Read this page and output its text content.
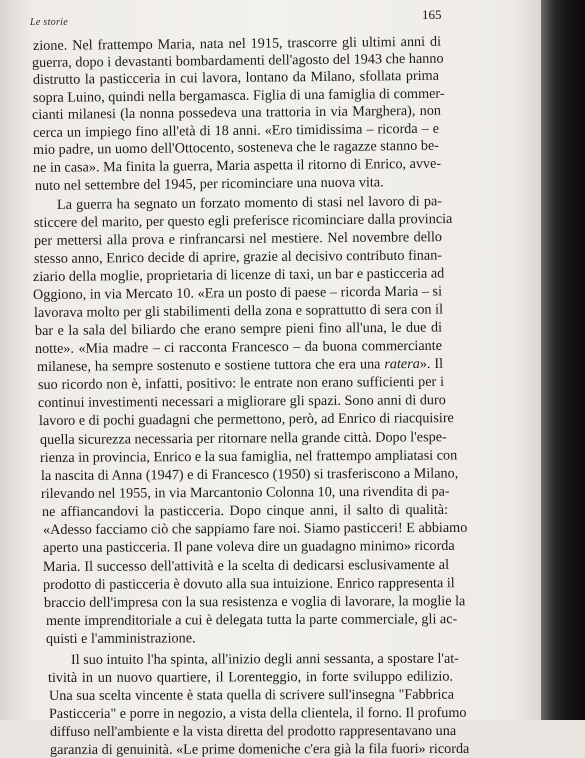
Le storie
165
zione. Nel frattempo Maria, nata nel 1915, trascorre gli ultimi anni di
guerra, dopo i devastanti bombardamenti dell'agosto del 1943 che hanno
distrutto la pasticceria in cui lavora, lontano da Milano, sfollata prima
sopra Luino, quindi nella bergamasca. Figlia di una famiglia di commer-
cianti milanesi (la nonna possedeva una trattoria in via Marghera), non
cerca un impiego fino all'età di 18 anni. «Ero timidissima – ricorda – e
mio padre, un uomo dell'Ottocento, sosteneva che le ragazze stanno be-
ne in casa». Ma finita la guerra, Maria aspetta il ritorno di Enrico, avve-
nuto nel settembre del 1945, per ricominciare una nuova vita.
La guerra ha segnato un forzato momento di stasi nel lavoro di pa-
sticcere del marito, per questo egli preferisce ricominciare dalla provincia
per mettersi alla prova e rinfrancarsi nel mestiere. Nel novembre dello
stesso anno, Enrico decide di aprire, grazie al decisivo contributo finan-
ziario della moglie, proprietaria di licenze di taxi, un bar e pasticceria ad
Oggiono, in via Mercato 10. «Era un posto di paese – ricorda Maria – si
lavorava molto per gli stabilimenti della zona e soprattutto di sera con il
bar e la sala del biliardo che erano sempre pieni fino all'una, le due di
notte». «Mia madre – ci racconta Francesco – da buona commerciante
milanese, ha sempre sostenuto e sostiene tuttora che era una ratera». Il
suo ricordo non è, infatti, positivo: le entrate non erano sufficienti per i
continui investimenti necessari a migliorare gli spazi. Sono anni di duro
lavoro e di pochi guadagni che permettono, però, ad Enrico di riacquisire
quella sicurezza necessaria per ritornare nella grande città. Dopo l'espe-
rienza in provincia, Enrico e la sua famiglia, nel frattempo ampliatasi con
la nascita di Anna (1947) e di Francesco (1950) si trasferiscono a Milano,
rilevando nel 1955, in via Marcantonio Colonna 10, una rivendita di pa-
ne affiancandovi la pasticceria. Dopo cinque anni, il salto di qualità:
«Adesso facciamo ciò che sappiamo fare noi. Siamo pasticceri! E abbiamo
aperto una pasticceria. Il pane voleva dire un guadagno minimo» ricorda
Maria. Il successo dell'attività e la scelta di dedicarsi esclusivamente al
prodotto di pasticceria è dovuto alla sua intuizione. Enrico rappresenta il
braccio dell'impresa con la sua resistenza e voglia di lavorare, la moglie la
mente imprenditoriale a cui è delegata tutta la parte commerciale, gli ac-
quisti e l'amministrazione.
Il suo intuito l'ha spinta, all'inizio degli anni sessanta, a spostare l'at-
tività in un nuovo quartiere, il Lorenteggio, in forte sviluppo edilizio.
Una sua scelta vincente è stata quella di scrivere sull'insegna "Fabbrica
Pasticceria" e porre in negozio, a vista della clientela, il forno. Il profumo
diffuso nell'ambiente e la vista diretta del prodotto rappresentavano una
garanzia di genuinità. «Le prime domeniche c'era già la fila fuori» ricorda
